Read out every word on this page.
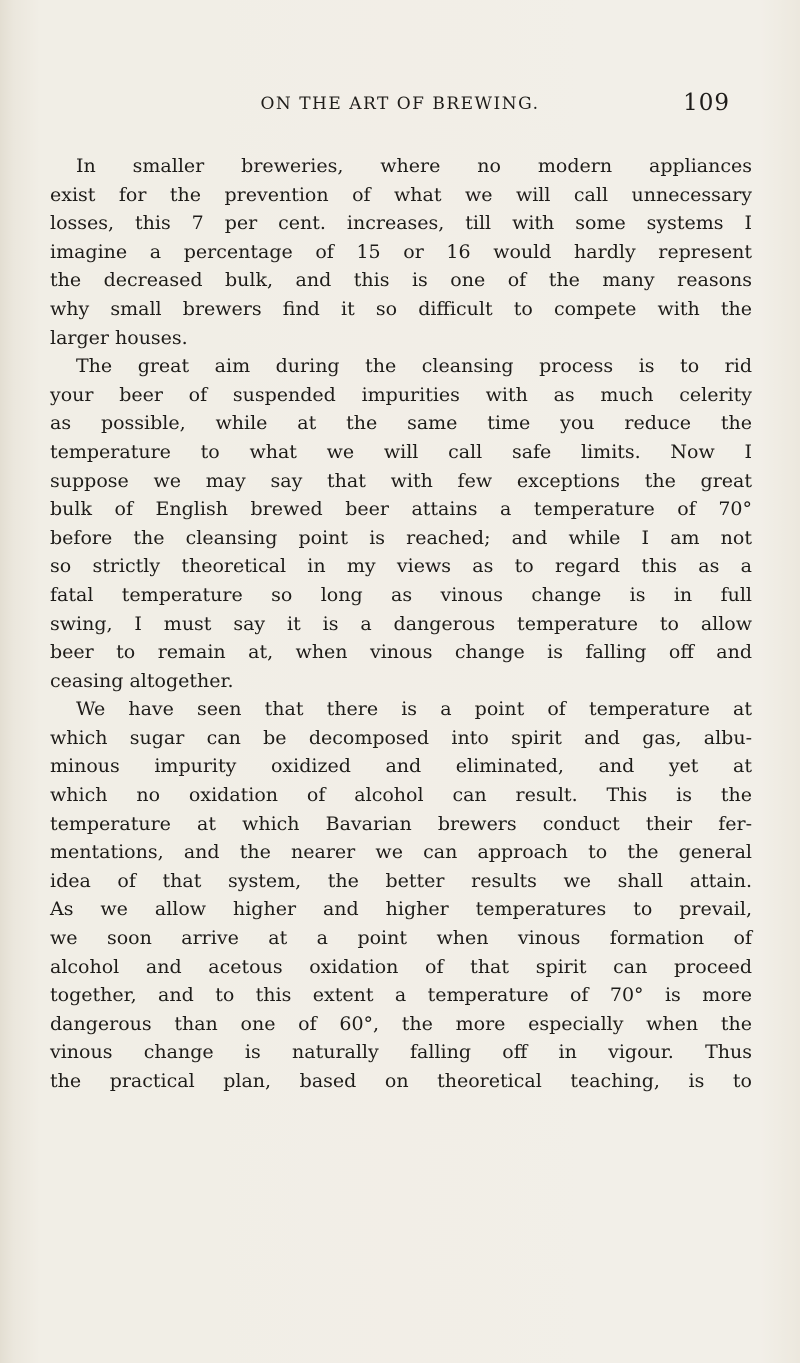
ON THE ART OF BREWING.	109
In smaller breweries, where no modern appliances
exist for the prevention of what we will call unnecessary
losses, this 7 per cent. increases, till with some systems I
imagine a percentage of 15 or 16 would hardly represent
the decreased bulk, and this is one of the many reasons
why small brewers find it so difficult to compete with the
larger houses.
The great aim during the cleansing process is to rid
your beer of suspended impurities with as much celerity
as possible, while at the same time you reduce the
temperature to what we will call safe limits. Now I
suppose we may say that with few exceptions the great
bulk of English brewed beer attains a temperature of 70°
before the cleansing point is reached; and while I am not
so strictly theoretical in my views as to regard this as a
fatal temperature so long as vinous change is in full
swing, I must say it is a dangerous temperature to allow
beer to remain at, when vinous change is falling off and
ceasing altogether.
We have seen that there is a point of temperature at
which sugar can be decomposed into spirit and gas, albu-
minous impurity oxidized and eliminated, and yet at
which no oxidation of alcohol can result. This is the
temperature at which Bavarian brewers conduct their fer-
mentations, and the nearer we can approach to the general
idea of that system, the better results we shall attain.
As we allow higher and higher temperatures to prevail,
we soon arrive at a point when vinous formation of
alcohol and acetous oxidation of that spirit can proceed
together, and to this extent a temperature of 70° is more
dangerous than one of 60°, the more especially when the
vinous change is naturally falling off in vigour. Thus
the practical plan, based on theoretical teaching, is to
